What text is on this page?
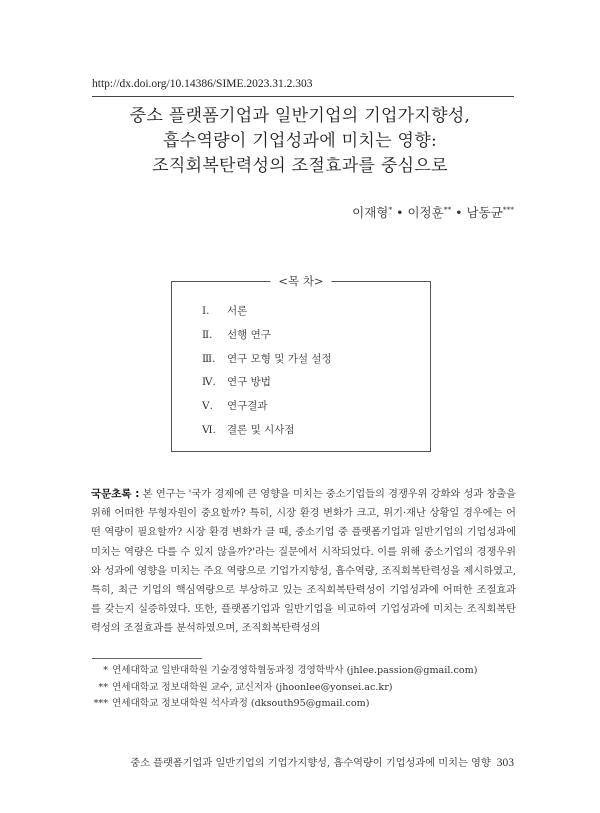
http://dx.doi.org/10.14386/SIME.2023.31.2.303
중소 플랫폼기업과 일반기업의 기업가지향성,
흡수역량이 기업성과에 미치는 영향:
조직회복탄력성의 조절효과를 중심으로
이재형* • 이정훈** • 남동균***
<목 차>
Ⅰ. 서론
Ⅱ. 선행 연구
Ⅲ. 연구 모형 및 가설 설정
Ⅳ. 연구 방법
Ⅴ. 연구결과
Ⅵ. 결론 및 시사점
국문초록 : 본 연구는 '국가 경제에 큰 영향을 미치는 중소기업들의 경쟁우위 강화와 성과 창출을 위해 어떠한 무형자원이 중요할까? 특히, 시장 환경 변화가 크고, 위기·재난 상황일 경우에는 어떤 역량이 필요할까? 시장 환경 변화가 클 때, 중소기업 중 플랫폼기업과 일반기업의 기업성과에 미치는 역량은 다를 수 있지 않을까?'라는 질문에서 시작되었다. 이를 위해 중소기업의 경쟁우위와 성과에 영향을 미치는 주요 역량으로 기업가지향성, 흡수역량, 조직회복탄력성을 제시하였고, 특히, 최근 기업의 핵심역량으로 부상하고 있는 조직회복탄력성이 기업성과에 어떠한 조절효과를 갖는지 실증하였다. 또한, 플랫폼기업과 일반기업을 비교하여 기업성과에 미치는 조직회복탄력성의 조절효과를 분석하였으며, 조직회복탄력성의
* 연세대학교 일반대학원 기술경영학협동과정 경영학박사 (jhlee.passion@gmail.com)
** 연세대학교 정보대학원 교수, 교신저자 (jhoonlee@yonsei.ac.kr)
*** 연세대학교 정보대학원 석사과정 (dksouth95@gmail.com)
중소 플랫폼기업과 일반기업의 기업가지향성, 흡수역량이 기업성과에 미치는 영향 303
